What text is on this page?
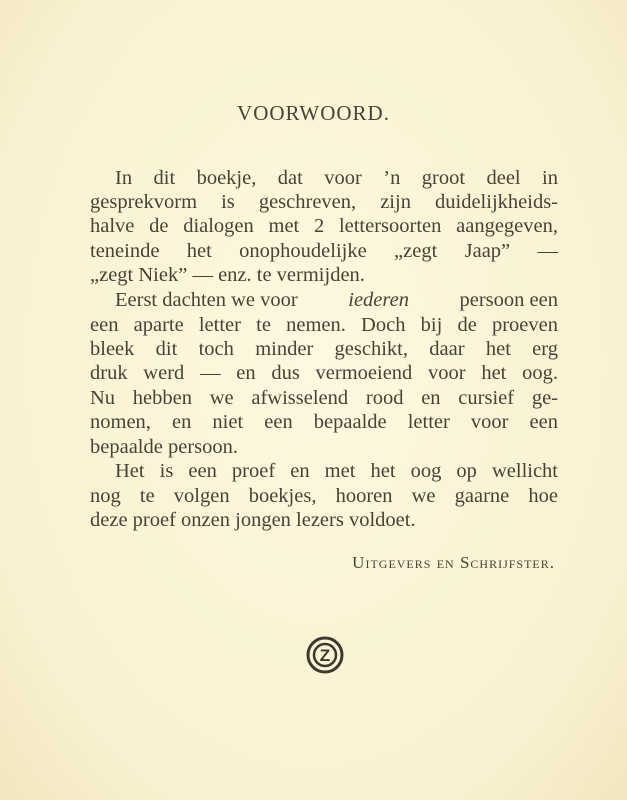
VOORWOORD.
In dit boekje, dat voor ’n groot deel in
gesprekvorm is geschreven, zijn duidelijkheids-
halve de dialogen met 2 lettersoorten aangegeven,
teneinde het onophoudelijke „zegt Jaap” —
„zegt Niek” — enz. te vermijden.
Eerst dachten we voor iederen persoon een
een aparte letter te nemen. Doch bij de proeven
bleek dit toch minder geschikt, daar het erg
druk werd — en dus vermoeiend voor het oog.
Nu hebben we afwisselend rood en cursief ge-
nomen, en niet een bepaalde letter voor een
bepaalde persoon.
Het is een proef en met het oog op wellicht
nog te volgen boekjes, hooren we gaarne hoe
deze proef onzen jongen lezers voldoet.
Uitgevers en Schrijfster.
Z
